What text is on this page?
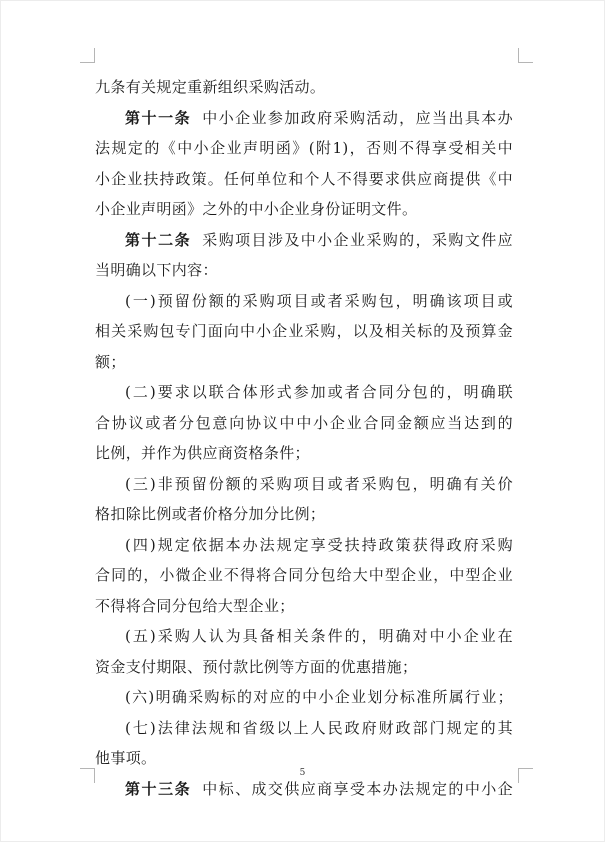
九条有关规定重新组织采购活动。
第十一条 中小企业参加政府采购活动，应当出具本办
法规定的《中小企业声明函》(附1)，否则不得享受相关中
小企业扶持政策。任何单位和个人不得要求供应商提供《中
小企业声明函》之外的中小企业身份证明文件。
第十二条 采购项目涉及中小企业采购的，采购文件应
当明确以下内容：
(一)预留份额的采购项目或者采购包，明确该项目或
相关采购包专门面向中小企业采购，以及相关标的及预算金
额；
(二)要求以联合体形式参加或者合同分包的，明确联
合协议或者分包意向协议中中小企业合同金额应当达到的
比例，并作为供应商资格条件；
(三)非预留份额的采购项目或者采购包，明确有关价
格扣除比例或者价格分加分比例；
(四)规定依据本办法规定享受扶持政策获得政府采购
合同的，小微企业不得将合同分包给大中型企业，中型企业
不得将合同分包给大型企业；
(五)采购人认为具备相关条件的，明确对中小企业在
资金支付期限、预付款比例等方面的优惠措施；
(六)明确采购标的对应的中小企业划分标准所属行业；
(七)法律法规和省级以上人民政府财政部门规定的其
他事项。
第十三条 中标、成交供应商享受本办法规定的中小企
5
